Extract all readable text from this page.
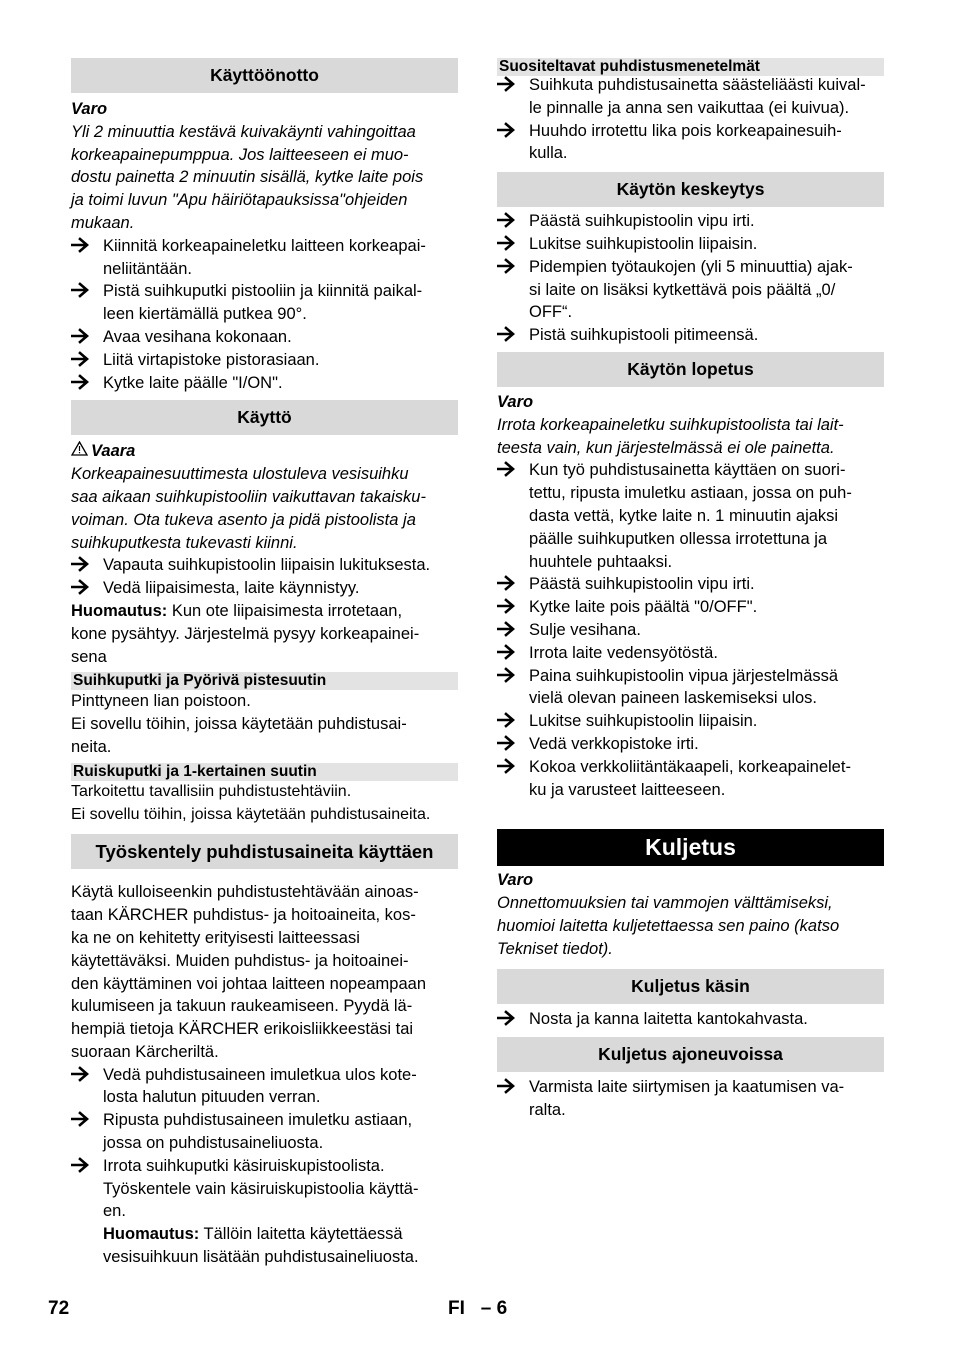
Käyttöönotto
Varo
Yli 2 minuuttia kestävä kuivakäynti vahingoittaa
korkeapainepumppua. Jos laitteeseen ei muo-
dostu painetta 2 minuutin sisällä, kytke laite pois
ja toimi luvun "Apu häiriötapauksissa"ohjeiden
mukaan.
Kiinnitä korkeapaineletku laitteen korkeapai-
neliitäntään.
Pistä suihkuputki pistooliin ja kiinnitä paikal-
leen kiertämällä putkea 90°.
Avaa vesihana kokonaan.
Liitä virtapistoke pistorasiaan.
Kytke laite päälle "I/ON".
Käyttö
Vaara
Korkeapainesuuttimesta ulostuleva vesisuihku
saa aikaan suihkupistooliin vaikuttavan takaisku-
voiman. Ota tukeva asento ja pidä pistoolista ja
suihkuputkesta tukevasti kiinni.
Vapauta suihkupistoolin liipaisin lukituksesta.
Vedä liipaisimesta, laite käynnistyy.
Huomautus: Kun ote liipaisimesta irrotetaan,
kone pysähtyy. Järjestelmä pysyy korkeapainei-
sena
Suihkuputki ja Pyörivä pistesuutin
Pinttyneen lian poistoon.
Ei sovellu töihin, joissa käytetään puhdistusai-
neita.
Ruiskuputki ja 1-kertainen suutin
Tarkoitettu tavallisiin puhdistustehtäviin.
Ei sovellu töihin, joissa käytetään puhdistusaineita.
Työskentely puhdistusaineita käyttäen
Käytä kulloiseenkin puhdistustehtävään ainoas-
taan KÄRCHER puhdistus- ja hoitoaineita, kos-
ka ne on kehitetty erityisesti laitteessasi
käytettäväksi. Muiden puhdistus- ja hoitoainei-
den käyttäminen voi johtaa laitteen nopeampaan
kulumiseen ja takuun raukeamiseen. Pyydä lä-
hempiä tietoja KÄRCHER erikoisliikkeestäsi tai
suoraan Kärcheriltä.
Vedä puhdistusaineen imuletkua ulos kote-
losta halutun pituuden verran.
Ripusta puhdistusaineen imuletku astiaan,
jossa on puhdistusaineliuosta.
Irrota suihkuputki käsiruiskupistoolista.
Työskentele vain käsiruiskupistoolia käyttä-
en.
Huomautus: Tällöin laitetta käytettäessä
vesisuihkuun lisätään puhdistusaineliuosta.
Suositeltavat puhdistusmenetelmät
Suihkuta puhdistusainetta säästeliäästi kuival-
le pinnalle ja anna sen vaikuttaa (ei kuivua).
Huuhdo irrotettu lika pois korkeapainesuih-
kulla.
Käytön keskeytys
Päästä suihkupistoolin vipu irti.
Lukitse suihkupistoolin liipaisin.
Pidempien työtaukojen (yli 5 minuuttia) ajak-
si laite on lisäksi kytkettävä pois päältä „0/
OFF“.
Pistä suihkupistooli pitimeensä.
Käytön lopetus
Varo
Irrota korkeapaineletku suihkupistoolista tai lait-
teesta vain, kun järjestelmässä ei ole painetta.
Kun työ puhdistusainetta käyttäen on suori-
tettu, ripusta imuletku astiaan, jossa on puh-
dasta vettä, kytke laite n. 1 minuutin ajaksi
päälle suihkuputken ollessa irrotettuna ja
huuhtele puhtaaksi.
Päästä suihkupistoolin vipu irti.
Kytke laite pois päältä "0/OFF".
Sulje vesihana.
Irrota laite vedensyötöstä.
Paina suihkupistoolin vipua järjestelmässä
vielä olevan paineen laskemiseksi ulos.
Lukitse suihkupistoolin liipaisin.
Vedä verkkopistoke irti.
Kokoa verkkoliitäntäkaapeli, korkeapainelet-
ku ja varusteet laitteeseen.
Kuljetus
Varo
Onnettomuuksien tai vammojen välttämiseksi,
huomioi laitetta kuljetettaessa sen paino (katso
Tekniset tiedot).
Kuljetus käsin
Nosta ja kanna laitetta kantokahvasta.
Kuljetus ajoneuvoissa
Varmista laite siirtymisen ja kaatumisen va-
ralta.
72	FI   – 6
